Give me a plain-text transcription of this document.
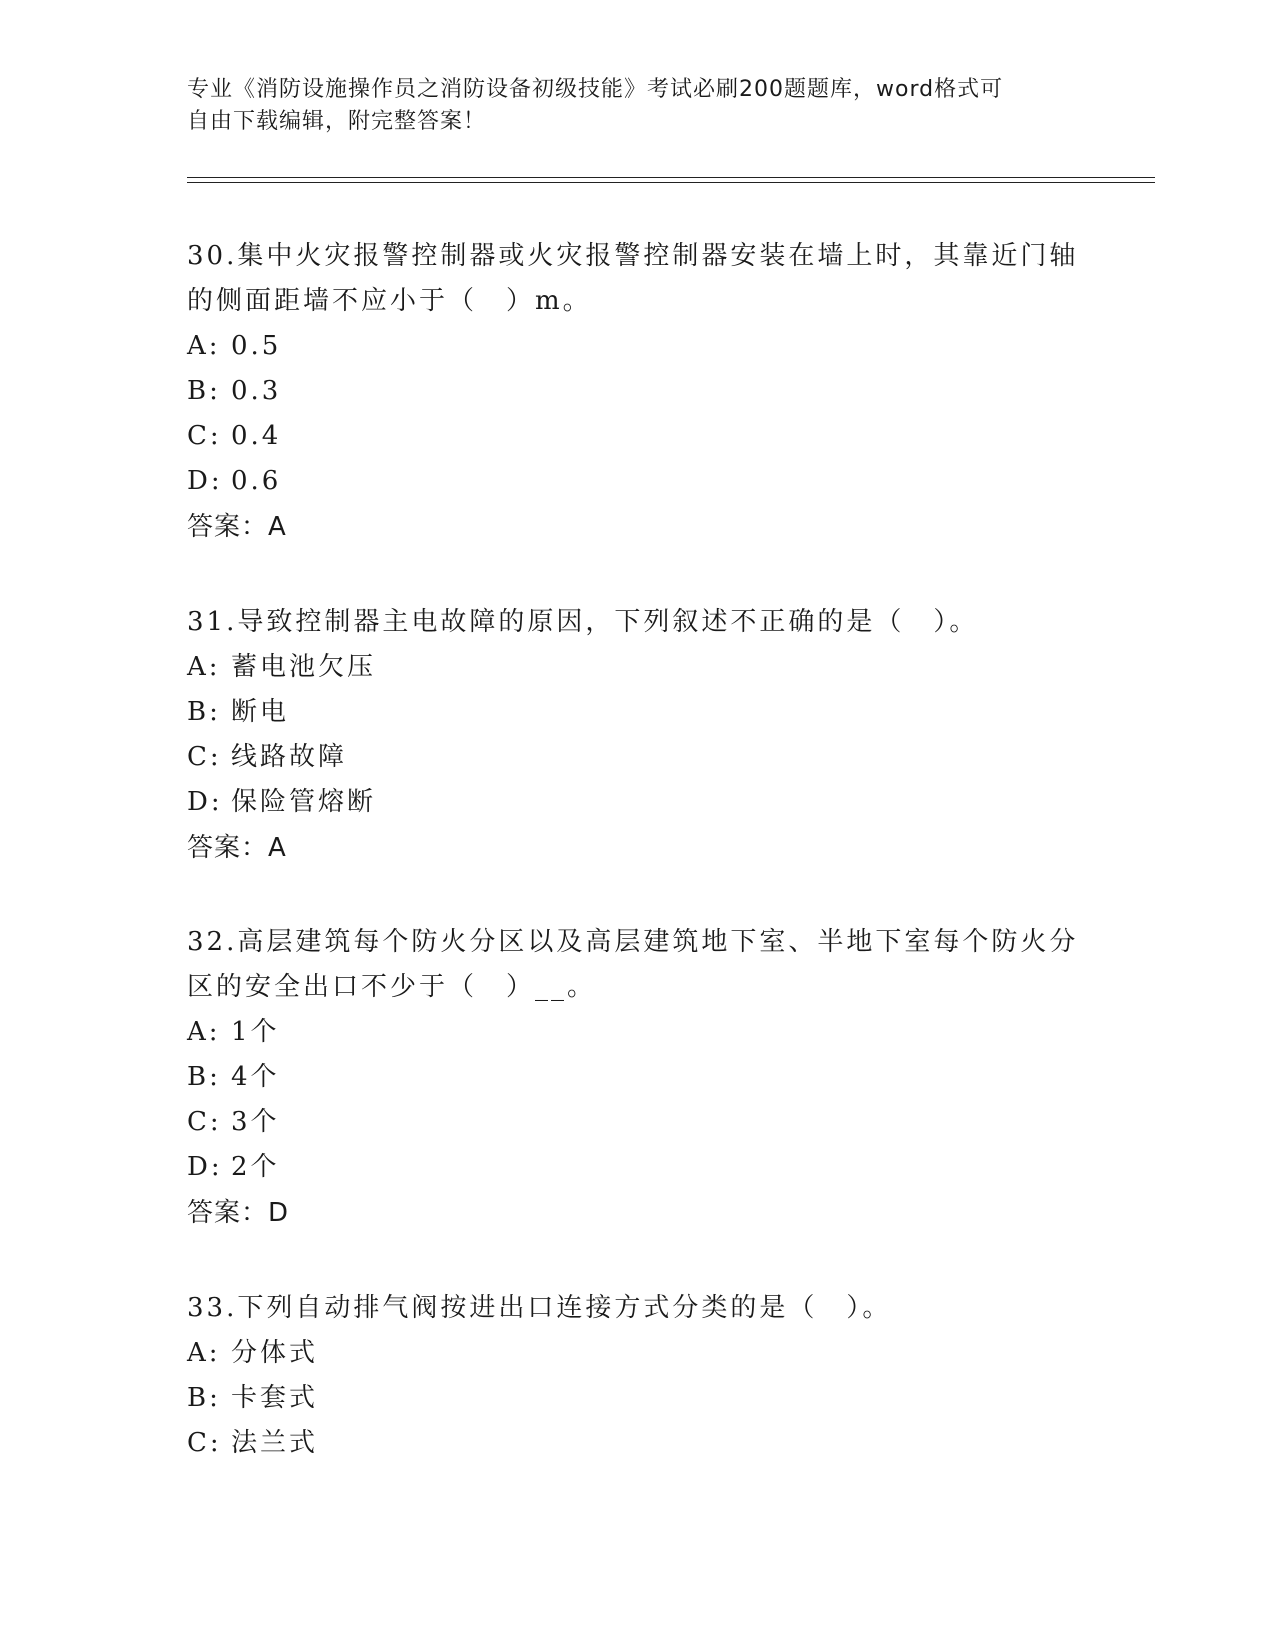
专业《消防设施操作员之消防设备初级技能》考试必刷200题题库，word格式可
自由下载编辑，附完整答案！

30.集中火灾报警控制器或火灾报警控制器安装在墙上时，其靠近门轴

的侧面距墙不应小于（　）m。

A: 0.5

B: 0.3

C: 0.4

D: 0.6

答案：A

31.导致控制器主电故障的原因，下列叙述不正确的是（　）。

A: 蓄电池欠压

B: 断电

C: 线路故障

D: 保险管熔断

答案：A

32.高层建筑每个防火分区以及高层建筑地下室、半地下室每个防火分

区的安全出口不少于（　）__。

A: 1个

B: 4个

C: 3个

D: 2个

答案：D

33.下列自动排气阀按进出口连接方式分类的是（　）。

A: 分体式

B: 卡套式

C: 法兰式
